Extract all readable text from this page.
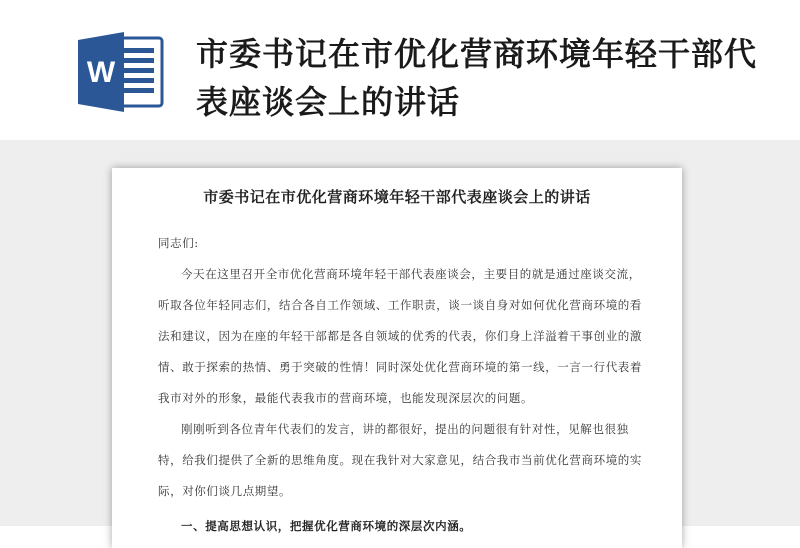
W	市委书记在市优化营商环境年轻干部代表座谈会上的讲话
市委书记在市优化营商环境年轻干部代表座谈会上的讲话

同志们:

今天在这里召开全市优化营商环境年轻干部代表座谈会，主要目的就是通过座谈交流，听取各位年轻同志们，结合各自工作领域、工作职责，谈一谈自身对如何优化营商环境的看法和建议，因为在座的年轻干部都是各自领域的优秀的代表，你们身上洋溢着干事创业的激情、敢于探索的热情、勇于突破的性情！同时深处优化营商环境的第一线，一言一行代表着我市对外的形象，最能代表我市的营商环境，也能发现深层次的问题。

刚刚听到各位青年代表们的发言，讲的都很好，提出的问题很有针对性，见解也很独特，给我们提供了全新的思维角度。现在我针对大家意见，结合我市当前优化营商环境的实际，对你们谈几点期望。

一、提高思想认识，把握优化营商环境的深层次内涵。
